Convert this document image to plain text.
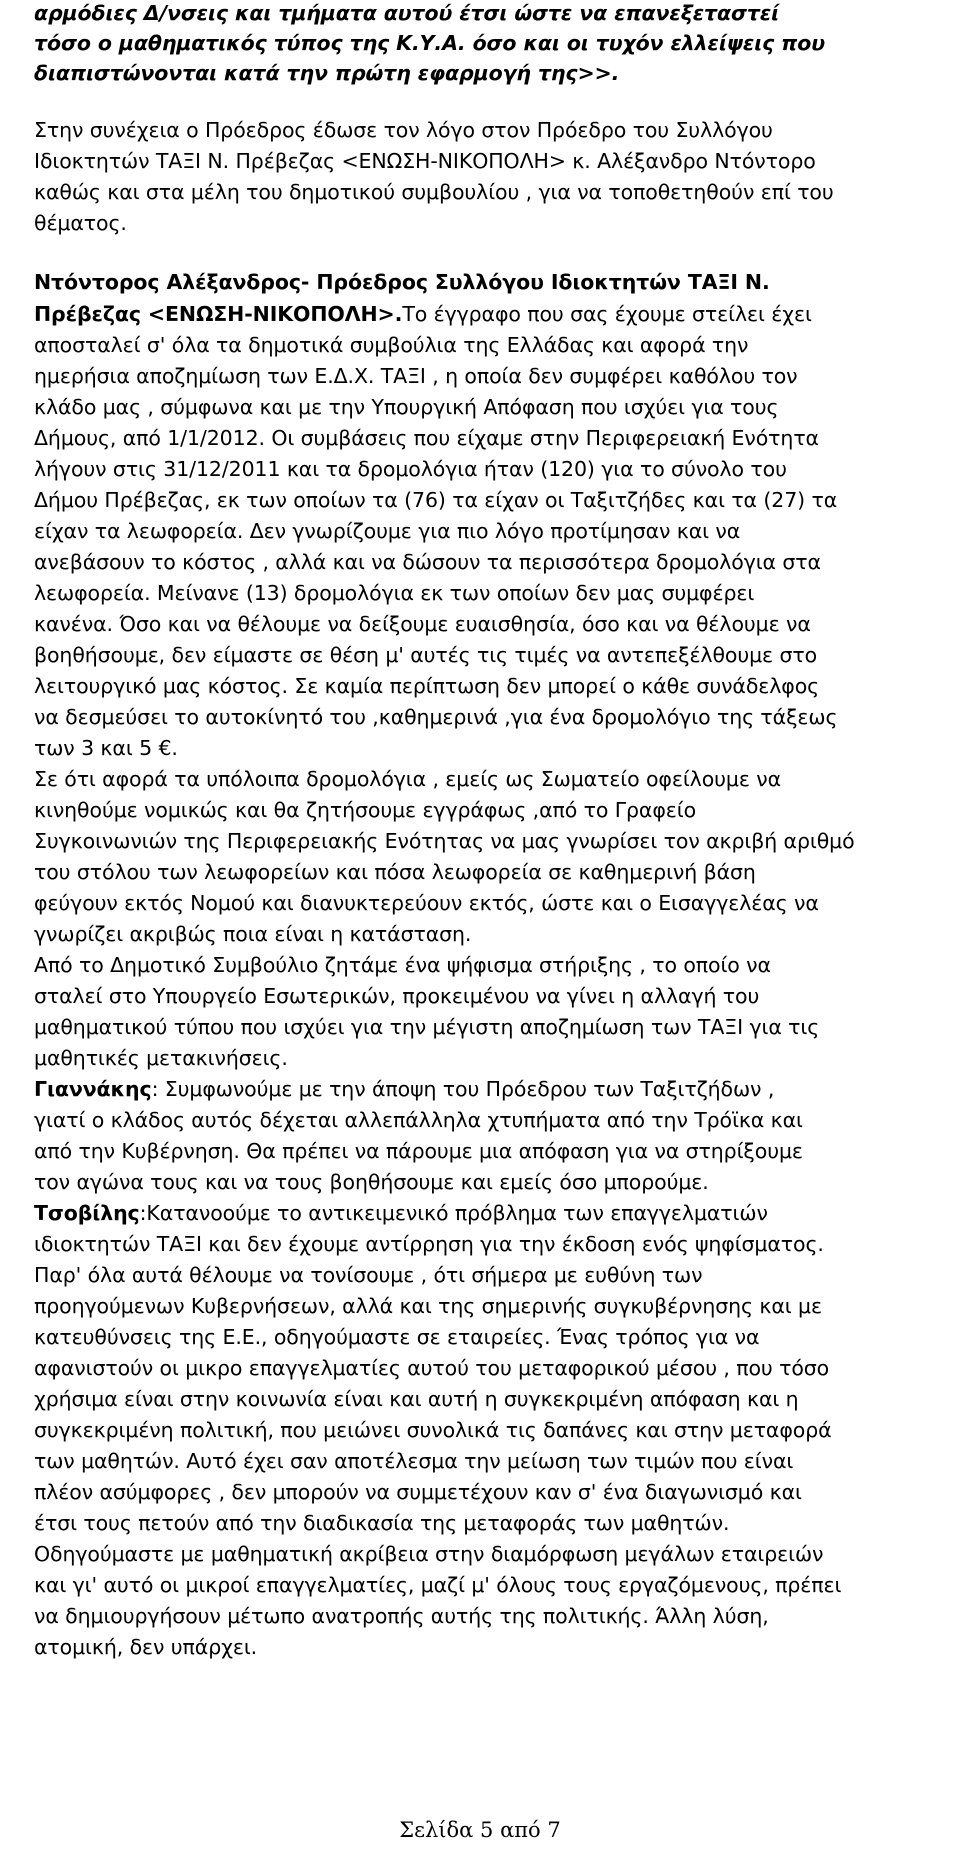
αρμόδιες Δ/νσεις και τμήματα αυτού έτσι ώστε να επανεξεταστεί

τόσο ο μαθηματικός τύπος της Κ.Υ.Α. όσο και οι τυχόν ελλείψεις που

διαπιστώνονται κατά την πρώτη εφαρμογή της>>.

Στην συνέχεια ο Πρόεδρος έδωσε τον λόγο στον Πρόεδρο του Συλλόγου

Ιδιοκτητών ΤΑΞΙ Ν. Πρέβεζας <ΕΝΩΣΗ-ΝΙΚΟΠΟΛΗ> κ. Αλέξανδρο Ντόντορο

καθώς και στα μέλη του δημοτικού συμβουλίου , για να τοποθετηθούν επί του

θέματος.

Ντόντορος Αλέξανδρος- Πρόεδρος Συλλόγου Ιδιοκτητών ΤΑΞΙ Ν.

Πρέβεζας <ΕΝΩΣΗ-ΝΙΚΟΠΟΛΗ>.Το έγγραφο που σας έχουμε στείλει έχει

αποσταλεί σ' όλα τα δημοτικά συμβούλια της Ελλάδας και αφορά την

ημερήσια αποζημίωση των Ε.Δ.Χ. ΤΑΞΙ , η οποία δεν συμφέρει καθόλου τον

κλάδο μας , σύμφωνα και με την Υπουργική Απόφαση που ισχύει για τους

Δήμους, από 1/1/2012. Οι συμβάσεις που είχαμε στην Περιφερειακή Ενότητα

λήγουν στις 31/12/2011 και τα δρομολόγια ήταν (120) για το σύνολο του

Δήμου Πρέβεζας, εκ των οποίων τα (76) τα είχαν οι Ταξιτζήδες και τα (27) τα

είχαν τα λεωφορεία. Δεν γνωρίζουμε για πιο λόγο προτίμησαν και να

ανεβάσουν το κόστος , αλλά και να δώσουν τα περισσότερα δρομολόγια στα

λεωφορεία. Μείνανε (13) δρομολόγια εκ των οποίων δεν μας συμφέρει

κανένα. Όσο και να θέλουμε να δείξουμε ευαισθησία, όσο και να θέλουμε να

βοηθήσουμε, δεν είμαστε σε θέση μ' αυτές τις τιμές να αντεπεξέλθουμε στο

λειτουργικό μας κόστος. Σε καμία περίπτωση δεν μπορεί ο κάθε συνάδελφος

να δεσμεύσει το αυτοκίνητό του ,καθημερινά ,για ένα δρομολόγιο της τάξεως

των 3 και 5 €.

Σε ότι αφορά τα υπόλοιπα δρομολόγια , εμείς ως Σωματείο οφείλουμε να

κινηθούμε νομικώς και θα ζητήσουμε εγγράφως ,από το Γραφείο

Συγκοινωνιών της Περιφερειακής Ενότητας να μας γνωρίσει τον ακριβή αριθμό

του στόλου των λεωφορείων και πόσα λεωφορεία σε καθημερινή βάση

φεύγουν εκτός Νομού και διανυκτερεύουν εκτός, ώστε και ο Εισαγγελέας να

γνωρίζει ακριβώς ποια είναι η κατάσταση.

Από το Δημοτικό Συμβούλιο ζητάμε ένα ψήφισμα στήριξης , το οποίο να

σταλεί στο Υπουργείο Εσωτερικών, προκειμένου να γίνει η αλλαγή του

μαθηματικού τύπου που ισχύει για την μέγιστη αποζημίωση των ΤΑΞΙ για τις

μαθητικές μετακινήσεις.

Γιαννάκης: Συμφωνούμε με την άποψη του Πρόεδρου των Ταξιτζήδων ,

γιατί ο κλάδος αυτός δέχεται αλλεπάλληλα χτυπήματα από την Τρόϊκα και

από την Κυβέρνηση. Θα πρέπει να πάρουμε μια απόφαση για να στηρίξουμε

τον αγώνα τους και να τους βοηθήσουμε και εμείς όσο μπορούμε.

Τσοβίλης:Κατανοούμε το αντικειμενικό πρόβλημα των επαγγελματιών

ιδιοκτητών ΤΑΞΙ και δεν έχουμε αντίρρηση για την έκδοση ενός ψηφίσματος.

Παρ' όλα αυτά θέλουμε να τονίσουμε , ότι σήμερα με ευθύνη των

προηγούμενων Κυβερνήσεων, αλλά και της σημερινής συγκυβέρνησης και με

κατευθύνσεις της Ε.Ε., οδηγούμαστε σε εταιρείες. Ένας τρόπος για να

αφανιστούν οι μικρο επαγγελματίες αυτού του μεταφορικού μέσου , που τόσο

χρήσιμα είναι στην κοινωνία είναι και αυτή η συγκεκριμένη απόφαση και η

συγκεκριμένη πολιτική, που μειώνει συνολικά τις δαπάνες και στην μεταφορά

των μαθητών. Αυτό έχει σαν αποτέλεσμα την μείωση των τιμών που είναι

πλέον ασύμφορες , δεν μπορούν να συμμετέχουν καν σ' ένα διαγωνισμό και

έτσι τους πετούν από την διαδικασία της μεταφοράς των μαθητών.

Οδηγούμαστε με μαθηματική ακρίβεια στην διαμόρφωση μεγάλων εταιρειών

και γι' αυτό οι μικροί επαγγελματίες, μαζί μ' όλους τους εργαζόμενους, πρέπει

να δημιουργήσουν μέτωπο ανατροπής αυτής της πολιτικής. Άλλη λύση,

ατομική, δεν υπάρχει.

Σελίδα 5 από 7
